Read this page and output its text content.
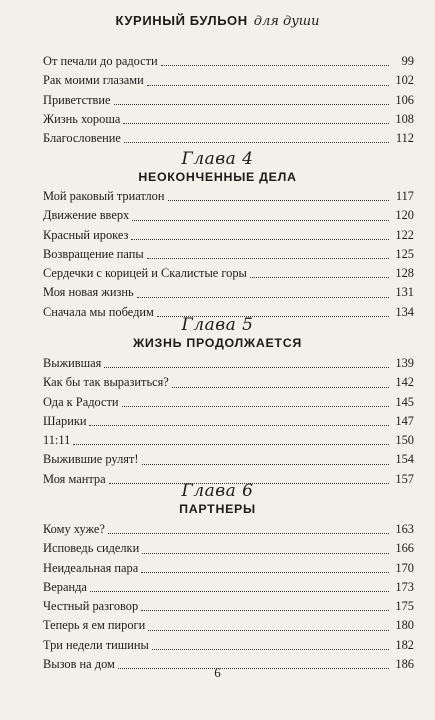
КУРИНЫЙ БУЛЬОН для души
От печали до радости	99
Рак моими глазами	102
Приветствие	106
Жизнь хороша	108
Благословение	112
Глава 4
НЕОКОНЧЕННЫЕ ДЕЛА
Мой раковый триатлон	117
Движение вверх	120
Красный ирокез	122
Возвращение папы	125
Сердечки с корицей и Скалистые горы	128
Моя новая жизнь	131
Сначала мы победим	134
Глава 5
ЖИЗНЬ ПРОДОЛЖАЕТСЯ
Выжившая	139
Как бы так выразиться?	142
Ода к Радости	145
Шарики	147
11:11	150
Выжившие рулят!	154
Моя мантра	157
Глава 6
ПАРТНЕРЫ
Кому хуже?	163
Исповедь сиделки	166
Неидеальная пара	170
Веранда	173
Честный разговор	175
Теперь я ем пироги	180
Три недели тишины	182
Вызов на дом	186
6
